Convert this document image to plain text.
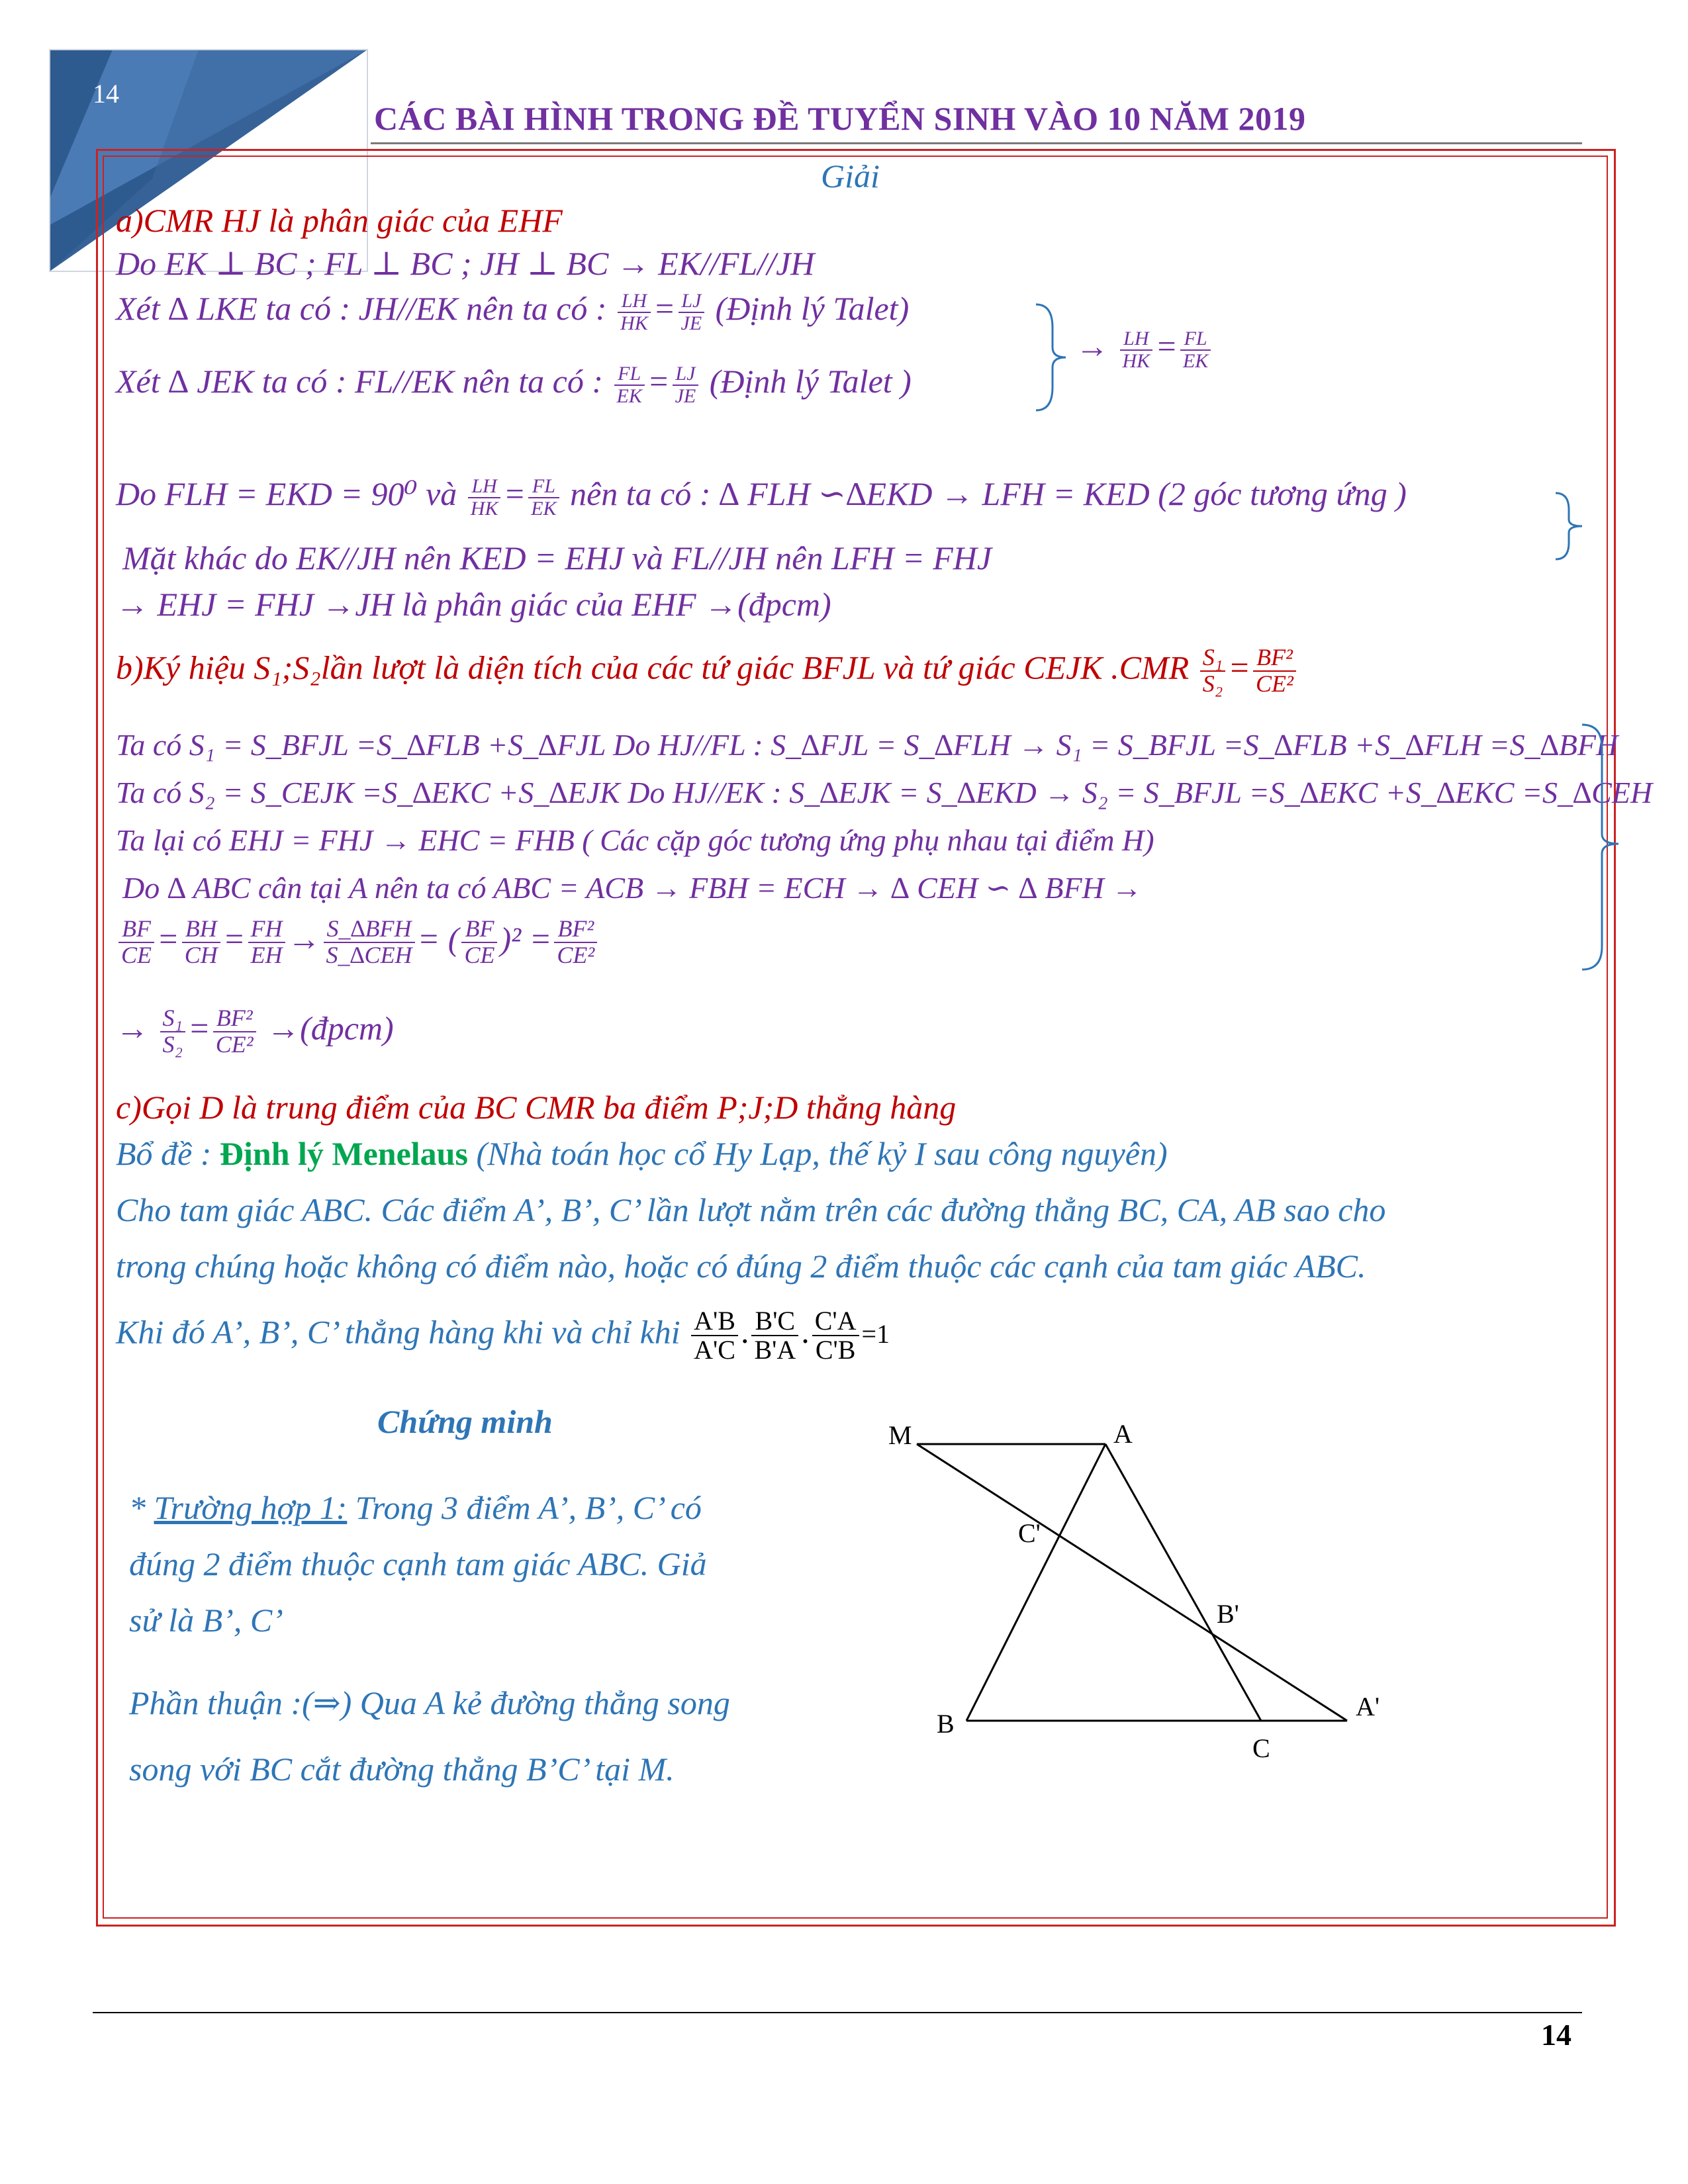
14
CÁC BÀI HÌNH TRONG ĐỀ TUYỂN SINH VÀO 10 NĂM 2019
Giải
a)CMR HJ là phân giác của EHF
Do EK ⊥ BC ; FL ⊥ BC ; JH ⊥ BC → EK//FL//JH
Xét ∆ LKE ta có : JH//EK nên ta có : $\frac{LH}{HK} = \frac{LJ}{JE}$ (Định lý Talet)
Xét ∆ JEK ta có : FL//EK nên ta có : $\frac{FL}{EK} = \frac{LJ}{JE}$ (Định lý Talet )
→ $\frac{LH}{HK} = \frac{FL}{EK}$
Do FLH = EKD = 90⁰ và $\frac{LH}{HK} = \frac{FL}{EK}$ nên ta có : ∆ FLH ∽∆EKD → LFH = KED (2 góc tương ứng )
Mặt khác do EK//JH nên KED = EHJ và FL//JH nên LFH = FHJ
→ EHJ = FHJ →JH là phân giác của EHF →(đpcm)
b)Ký hiệu S₁;S₂lần lượt là diện tích của các tứ giác BFJL và tứ giác CEJK $.CMR \frac{\text{S₁}}{\text{S₂}} = \frac{\text{BF²}}{\text{CE²}}$
Ta có S₁ = S_BFJL =S_∆FLB +S_∆FJL Do HJ//FL : S_∆FJL = S_∆FLH → S₁ = S_BFJL =S_∆FLB +S_∆FLH =S_∆BFH
Ta có S₂ = S_CEJK =S_∆EKC +S_∆EJK Do HJ//EK : S_∆EJK = S_∆EKD → S₂ = S_BFJL =S_∆EKC +S_∆EKC =S_∆CEH
Ta lại có EHJ = FHJ → EHC = FHB ( Các cặp góc tương ứng phụ nhau tại điểm H)
Do ∆ ABC cân tại A nên ta có ABC = ACB → FBH = ECH → ∆ CEH ∽ ∆ BFH →
$\frac{BF}{CE} = \frac{BH}{CH} = \frac{FH}{EH} \to \frac{\text{S\_∆BFH}}{\text{S\_∆CEH}}$ = ( $\frac{BF}{CE} )^2 = \frac{\text{BF²}}{\text{CE²}}$
→ $\frac{\text{S₁}}{\text{S₂}} = \frac{\text{BF²}}{\text{CE²}}$ →(đpcm)
c)Gọi D là trung điểm của BC CMR ba điểm P;J;D thẳng hàng
Bổ đề : Định lý Menelaus (Nhà toán học cổ Hy Lạp, thế kỷ I sau công nguyên)
Cho tam giác ABC. Các điểm A’, B’, C’ lần lượt nằm trên các đường thẳng BC, CA, AB sao cho
trong chúng hoặc không có điểm nào, hoặc có đúng 2 điểm thuộc các cạnh của tam giác ABC.
Khi đó A’, B’, C’ thẳng hàng khi và chỉ khi $\frac{A'B}{A'C}$ . $\frac{B'C}{B'A}$ . $\frac{C'A}{C'B} =1$
Chứng minh
* Trường hợp 1: Trong 3 điểm A’, B’, C’ có
đúng 2 điểm thuộc cạnh tam giác ABC. Giả
sử là B’, C’
Phần thuận :(⇒) Qua A kẻ đường thẳng song
song với BC cắt đường thẳng B’C’ tại M.
M	A
C'
B'
B
C
A'
14
